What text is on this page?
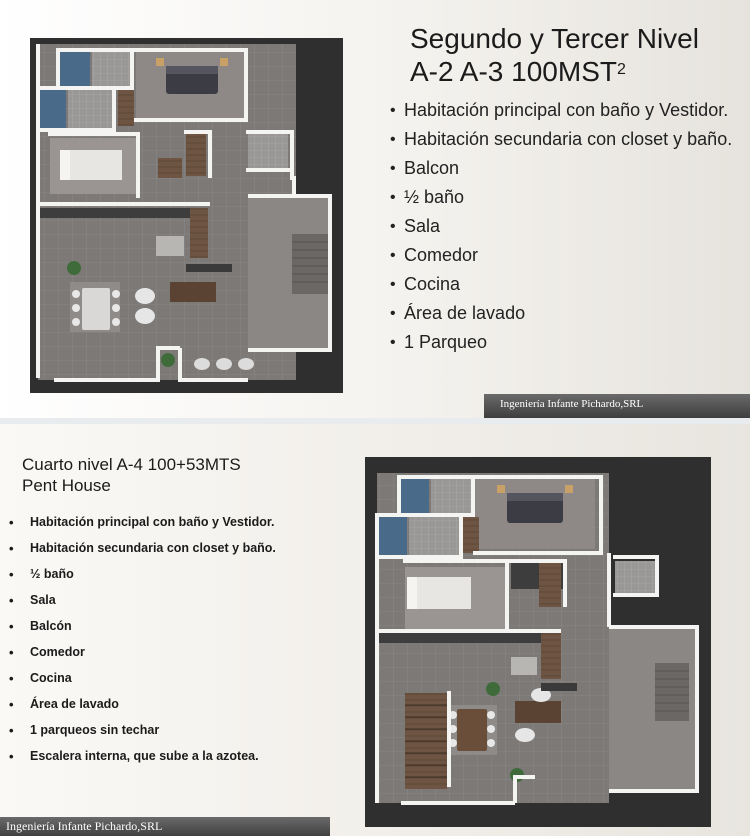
Segundo y Tercer Nivel
A-2 A-3 100MST$^2$
• Habitación principal con baño y Vestidor.
• Habitación secundaria con closet y baño.
• Balcon
• ½ baño
• Sala
• Comedor
• Cocina
• Área de lavado
• 1 Parqueo
Ingeniería Infante Pichardo,SRL
Cuarto nivel A-4 100+53MTS
Pent House
• Habitación principal con baño y Vestidor.
• Habitación secundaria con closet y baño.
• ½ baño
• Sala
• Balcón
• Comedor
• Cocina
• Área de lavado
• 1 parqueos sin techar
• Escalera interna, que sube a la azotea.
Ingeniería Infante Pichardo,SRL
